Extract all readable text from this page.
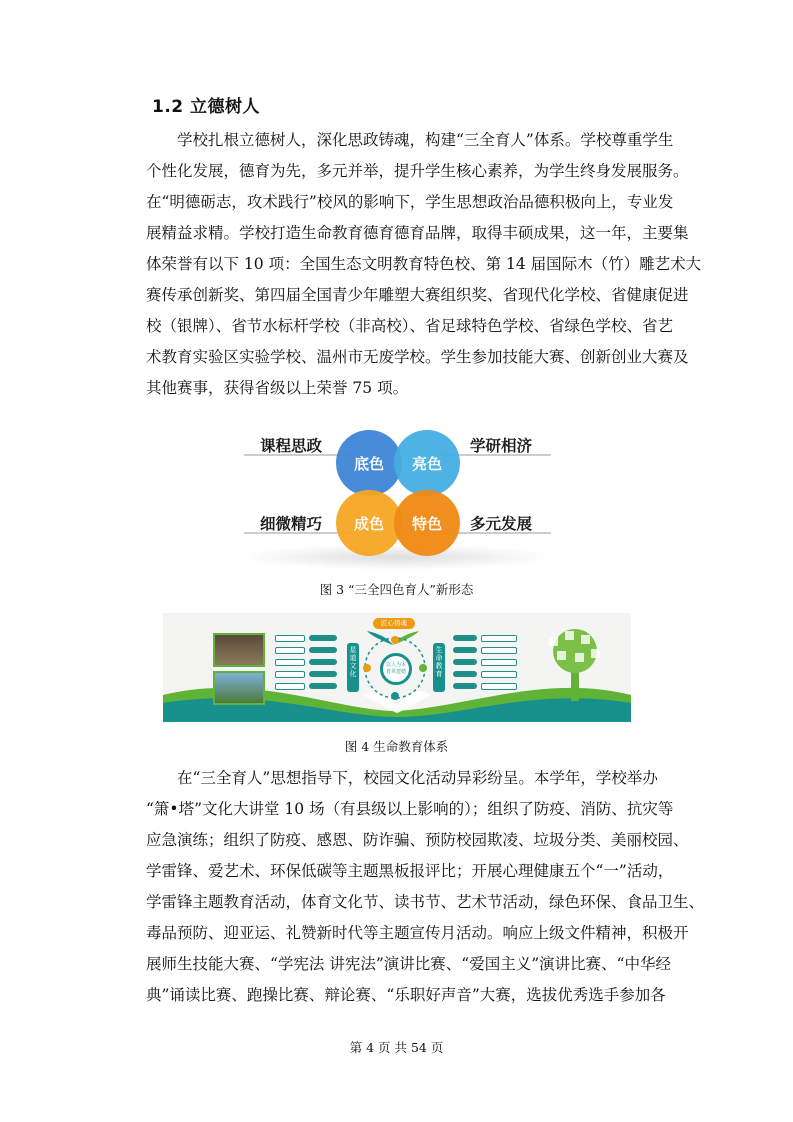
1.2 立德树人

学校扎根立德树人，深化思政铸魂，构建“三全育人”体系。学校尊重学生
个性化发展，德育为先，多元并举，提升学生核心素养，为学生终身发展服务。
在“明德砺志，攻术践行”校风的影响下，学生思想政治品德积极向上，专业发
展精益求精。学校打造生命教育德育德育品牌，取得丰硕成果，这一年，主要集
体荣誉有以下 10 项：全国生态文明教育特色校、第 14 届国际木（竹）雕艺术大
赛传承创新奖、第四届全国青少年雕塑大赛组织奖、省现代化学校、省健康促进
校（银牌）、省节水标杆学校（非高校）、省足球特色学校、省绿色学校、省艺
术教育实验区实验学校、温州市无废学校。学生参加技能大赛、创新创业大赛及
其他赛事，获得省级以上荣誉 75 项。

课程思政	学研相济
细微精巧	多元发展
底色 亮色
成色 特色
图 3 “三全四色育人”新形态
星道文化
生命教育
匠心铸魂
以人为本 育英建德
图 4 生命教育体系

在“三全育人”思想指导下，校园文化活动异彩纷呈。本学年，学校举办
“箫•塔”文化大讲堂 10 场（有县级以上影响的）；组织了防疫、消防、抗灾等
应急演练；组织了防疫、感恩、防诈骗、预防校园欺凌、垃圾分类、美丽校园、
学雷锋、爱艺术、环保低碳等主题黑板报评比；开展心理健康五个“一”活动，
学雷锋主题教育活动，体育文化节、读书节、艺术节活动，绿色环保、食品卫生、
毒品预防、迎亚运、礼赞新时代等主题宣传月活动。响应上级文件精神，积极开
展师生技能大赛、“学宪法 讲宪法”演讲比赛、“爱国主义”演讲比赛、“中华经
典”诵读比赛、跑操比赛、辩论赛、“乐职好声音”大赛，选拔优秀选手参加各

第 4 页 共 54 页
